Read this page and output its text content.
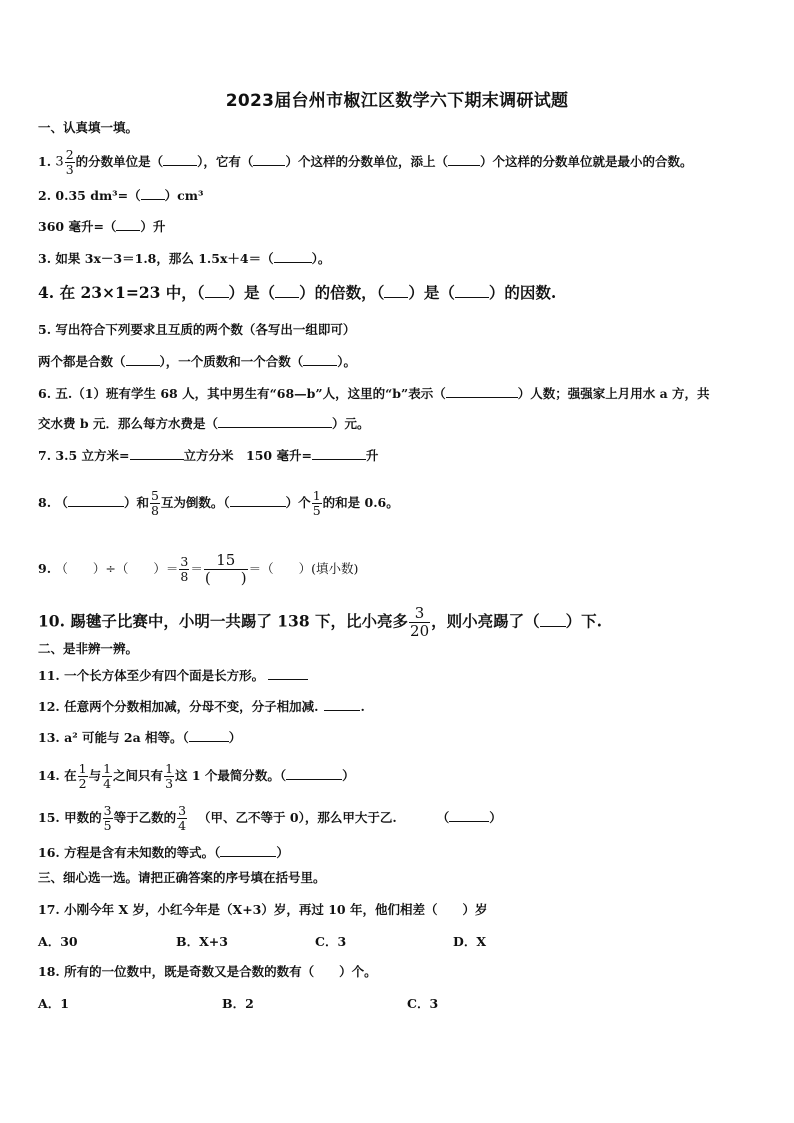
2023届台州市椒江区数学六下期末调研试题
一、认真填一填。
1. $3 \frac{2}{3}$ 的分数单位是（	），它有（	）个这样的分数单位，添上（	）个这样的分数单位就是最小的合数。
2. 0.35 dm³=（ ）cm³
360 毫升=（ ）升
3. 如果 3x－3＝1.8，那么 1.5x＋4＝（	）。
4. 在 23×1=23 中，（ ）是（ ）的倍数，（ ）是（ ）的因数.
5. 写出符合下列要求且互质的两个数（各写出一组即可）
两个都是合数（	），一个质数和一个合数（	）。
6. 五.（1）班有学生 68 人，其中男生有“68—b”人，这里的“b”表示（	）人数；强强家上月用水 a 方，共
交水费 b 元．那么每方水费是（	）元。
7. 3.5 立方米=	立方分米　150 毫升=	升
8. （	）和 $\frac{5}{8}$ 互为倒数。（	）个 $\frac{1}{5}$ 的和是 0.6。
9. （　　）÷（　　）＝ $\frac{3}{8} = \frac{15}{( )}$ ＝（　　）(填小数)
10. 踢毽子比赛中，小明一共踢了 138 下，比小亮多 $\frac{3}{20}$ ，则小亮踢了（ ）下.
二、是非辨一辨。
11. 一个长方体至少有四个面是长方形。
12. 任意两个分数相加减，分母不变，分子相加减.	.
13. a² 可能与 2a 相等。（	）
14. 在 $\frac{1}{2}$ 与 $\frac{1}{4}$ 之间只有 $\frac{1}{3}$ 这 1 个最简分数。（	）
15. 甲数的 $\frac{3}{5}$ 等于乙数的 $\frac{3}{4}$ （甲、乙不等于 0），那么甲大于乙.	（	）
16. 方程是含有未知数的等式。（	）
三、细心选一选。请把正确答案的序号填在括号里。
17. 小刚今年 X 岁，小红今年是（X+3）岁，再过 10 年，他们相差（　　）岁
A．30	B．X+3	C．3	D．X
18. 所有的一位数中，既是奇数又是合数的数有（　　）个。
A．1	B．2	C．3
